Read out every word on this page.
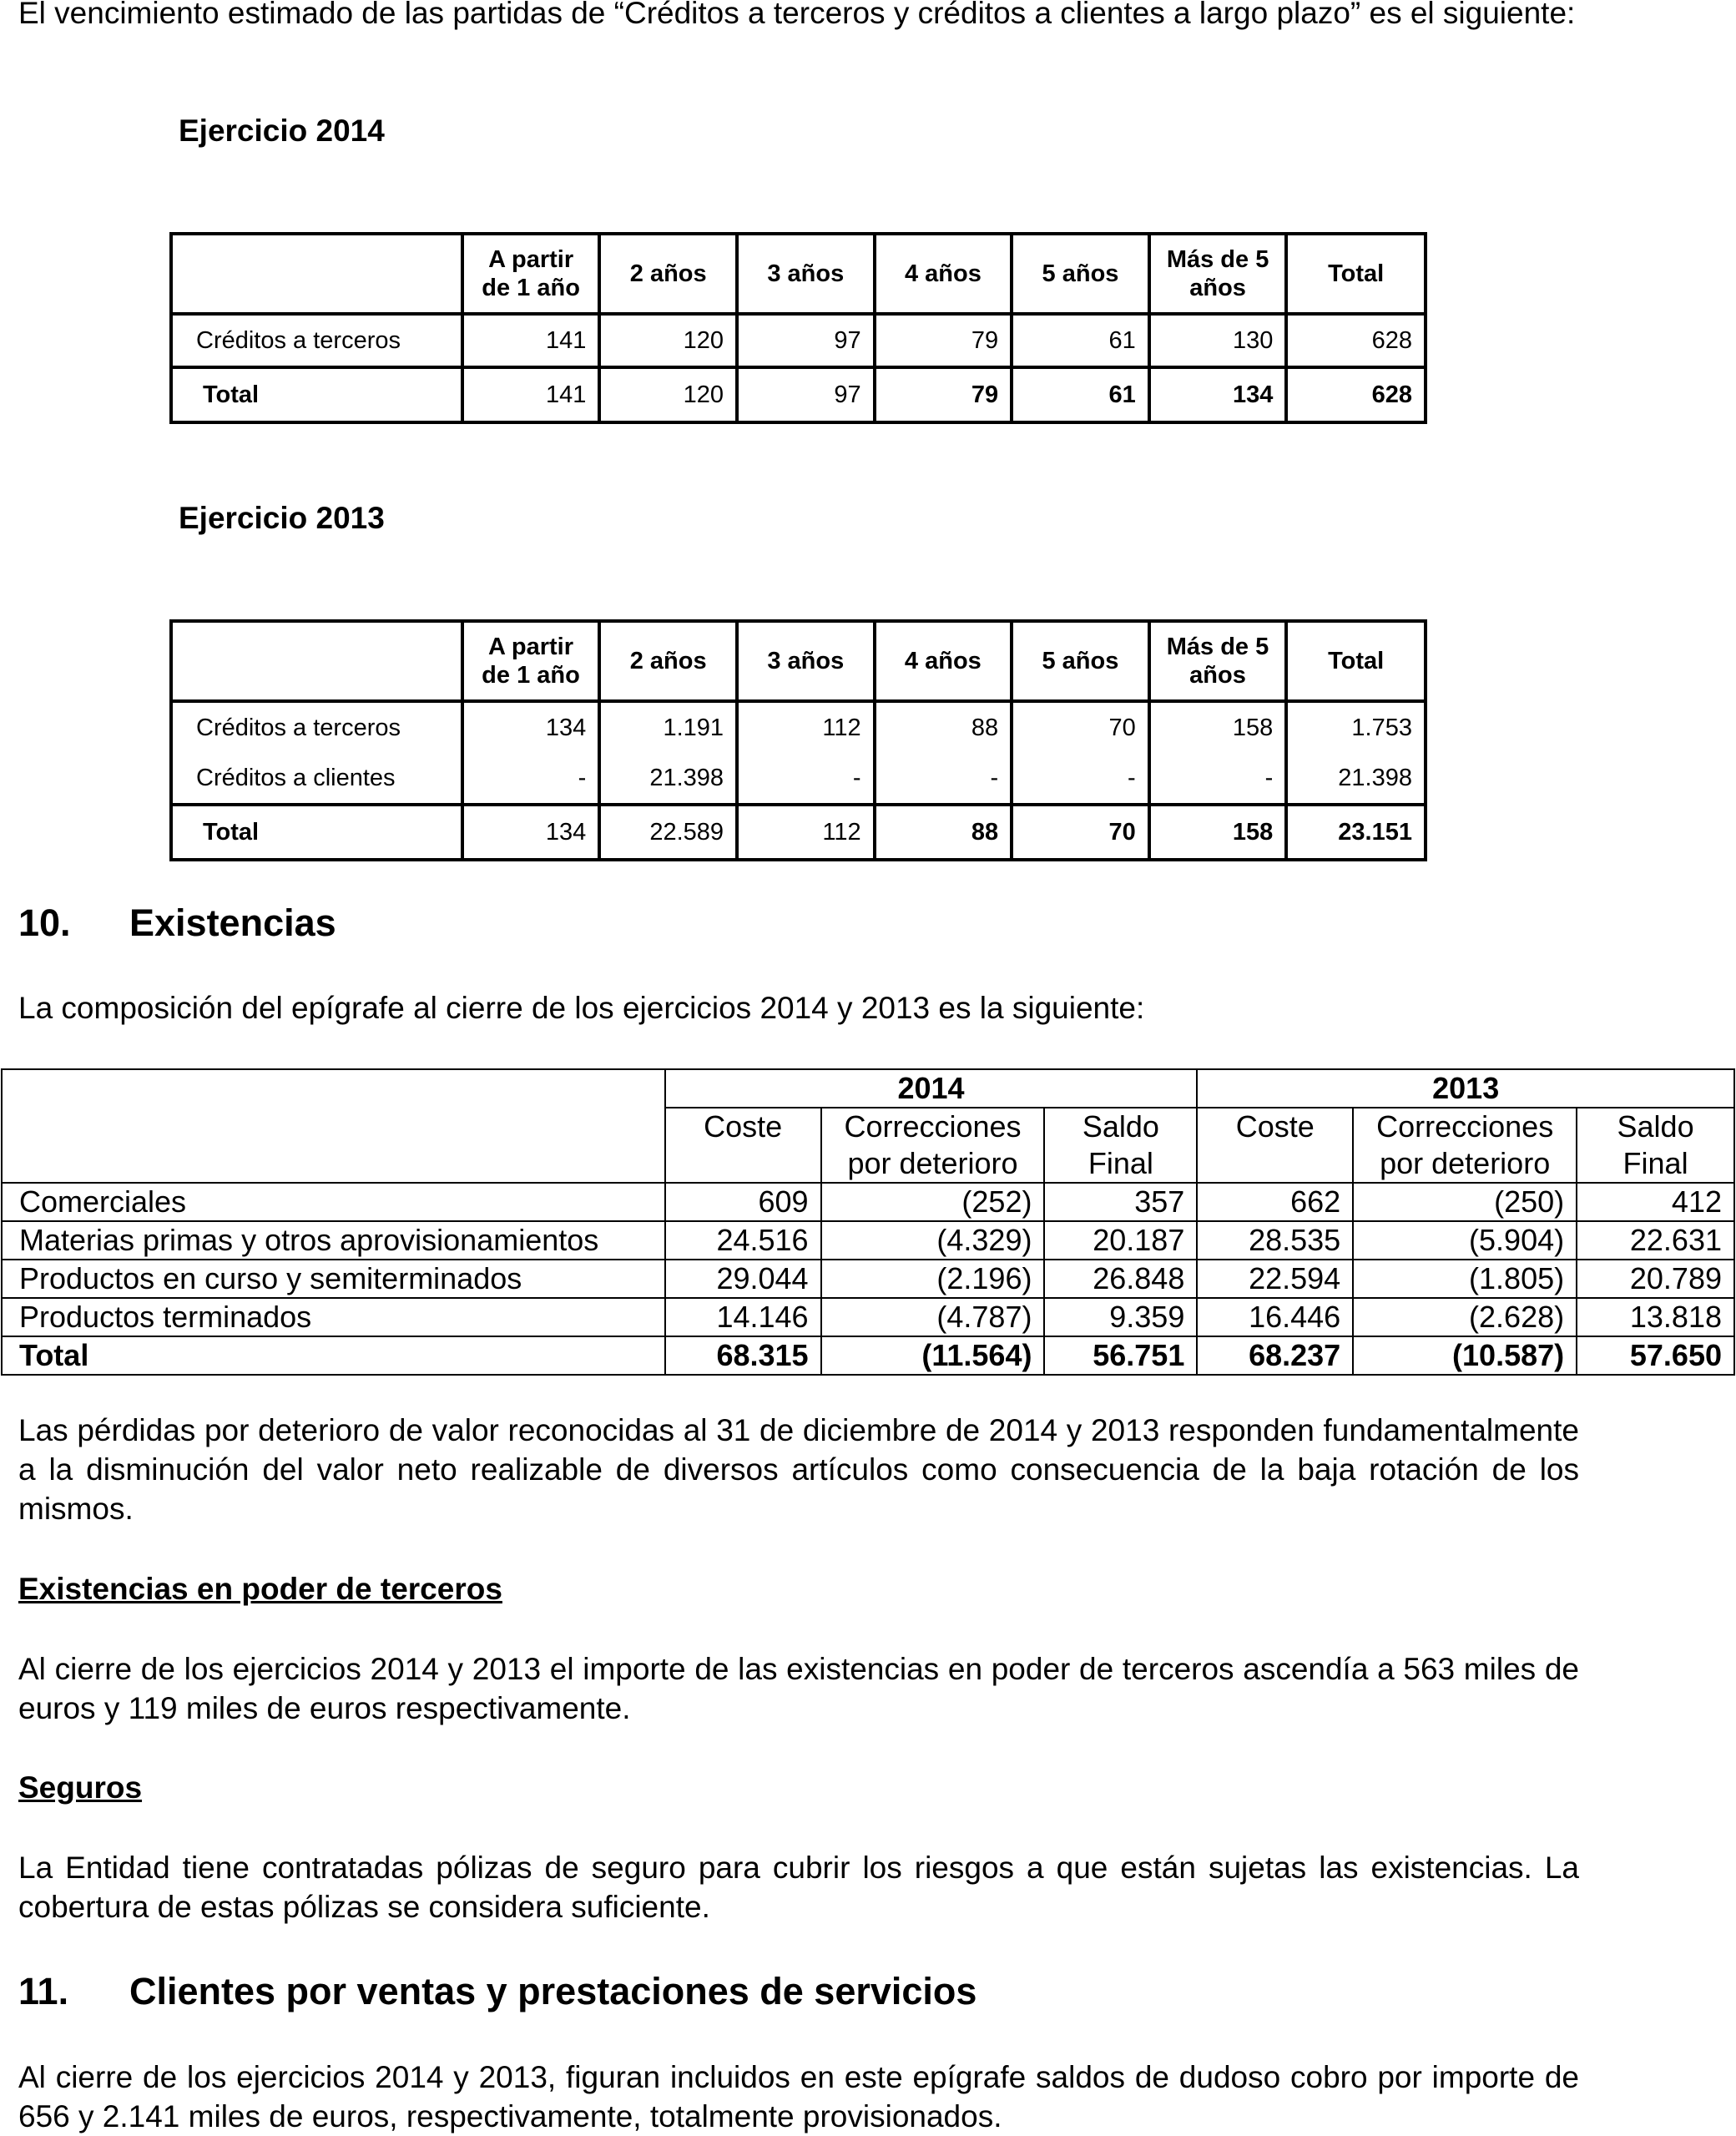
El vencimiento estimado de las partidas de “Créditos a terceros y créditos a clientes a largo plazo” es el siguiente:

Ejercicio 2014

	A partir de 1 año	2 años	3 años	4 años	5 años	Más de 5 años	Total
Créditos a terceros	141	120	97	79	61	130	628
Total	141	120	97	79	61	134	628

Ejercicio 2013

	A partir de 1 año	2 años	3 años	4 años	5 años	Más de 5 años	Total
Créditos a terceros	134	1.191	112	88	70	158	1.753
Créditos a clientes	-	21.398	-	-	-	-	21.398
Total	134	22.589	112	88	70	158	23.151

10. Existencias

La composición del epígrafe al cierre de los ejercicios 2014 y 2013 es la siguiente:

	2014			2013		
	Coste	Correcciones por deterioro	Saldo Final	Coste	Correcciones por deterioro	Saldo Final
Comerciales	609	(252)	357	662	(250)	412
Materias primas y otros aprovisionamientos	24.516	(4.329)	20.187	28.535	(5.904)	22.631
Productos en curso y semiterminados	29.044	(2.196)	26.848	22.594	(1.805)	20.789
Productos terminados	14.146	(4.787)	9.359	16.446	(2.628)	13.818
Total	68.315	(11.564)	56.751	68.237	(10.587)	57.650

Las pérdidas por deterioro de valor reconocidas al 31 de diciembre de 2014 y 2013 responden fundamentalmente a la disminución del valor neto realizable de diversos artículos como consecuencia de la baja rotación de los mismos.

Existencias en poder de terceros

Al cierre de los ejercicios 2014 y 2013 el importe de las existencias en poder de terceros ascendía a 563 miles de euros y 119 miles de euros respectivamente.

Seguros

La Entidad tiene contratadas pólizas de seguro para cubrir los riesgos a que están sujetas las existencias. La cobertura de estas pólizas se considera suficiente.

11. Clientes por ventas y prestaciones de servicios

Al cierre de los ejercicios 2014 y 2013, figuran incluidos en este epígrafe saldos de dudoso cobro por importe de 656 y 2.141 miles de euros, respectivamente, totalmente provisionados.
